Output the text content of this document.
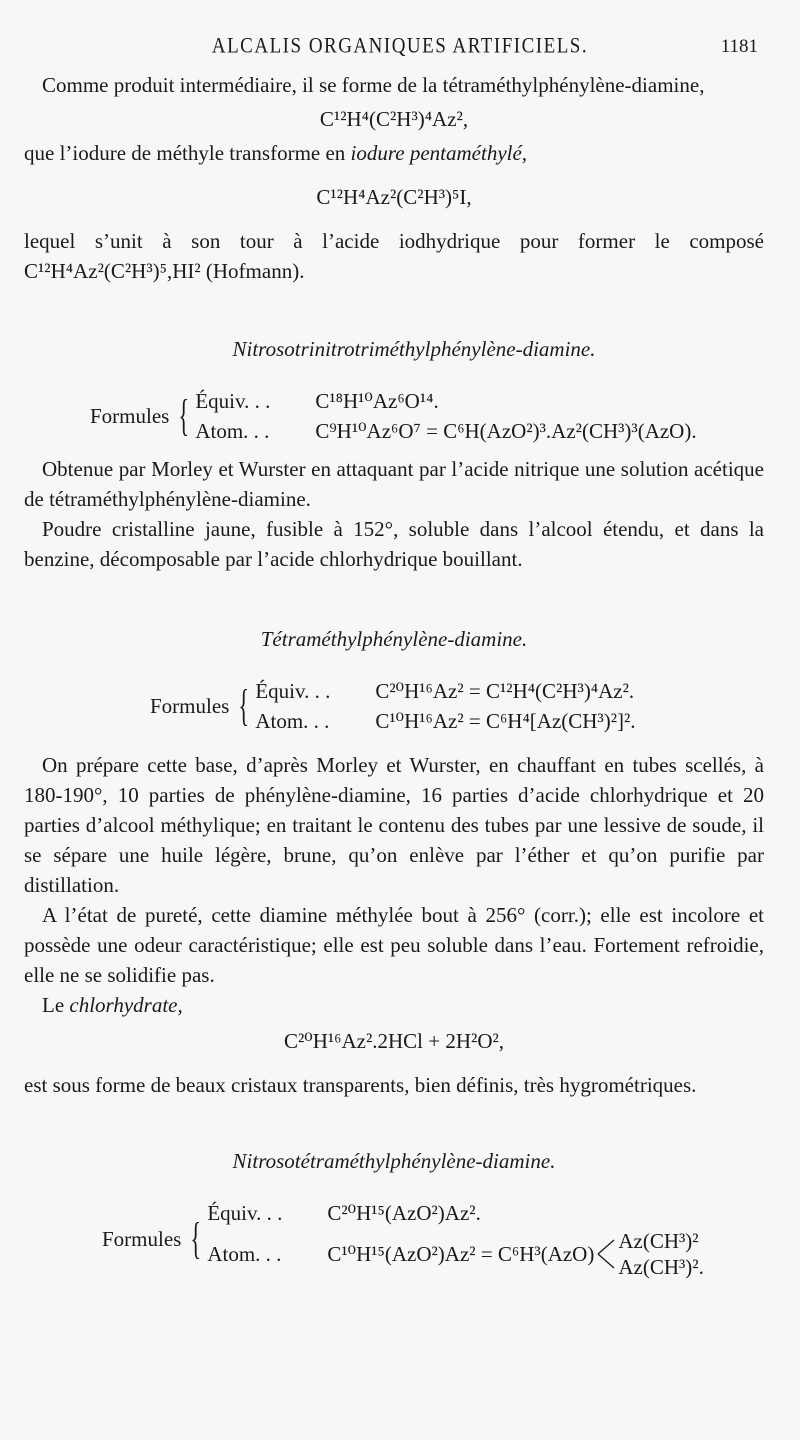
ALCALIS ORGANIQUES ARTIFICIELS.	1181

Comme produit intermédiaire, il se forme de la tétraméthylphénylène-diamine,

C¹²H⁴(C²H³)⁴Az²,

que l’iodure de méthyle transforme en iodure pentaméthylé,

C¹²H⁴Az²(C²H³)⁵I,

lequel s’unit à son tour à l’acide iodhydrique pour former le composé C¹²H⁴Az²(C²H³)⁵,HI² (Hofmann).

Nitrosotrinitrotriméthylphénylène-diamine.
Formules { Équiv. . . C¹⁸H¹⁰Az⁶O¹⁴.
Atom. . . C⁹H¹⁰Az⁶O⁷ = C⁶H(AzO²)³.Az²(CH³)³(AzO).

Obtenue par Morley et Wurster en attaquant par l’acide nitrique une solution acétique de tétraméthylphénylène-diamine.

Poudre cristalline jaune, fusible à 152°, soluble dans l’alcool étendu, et dans la benzine, décomposable par l’acide chlorhydrique bouillant.

Tétraméthylphénylène-diamine.
Formules { Équiv. . . C²⁰H¹⁶Az² = C¹²H⁴(C²H³)⁴Az².
Atom. . . C¹⁰H¹⁶Az² = C⁶H⁴[Az(CH³)²]².

On prépare cette base, d’après Morley et Wurster, en chauffant en tubes scellés, à 180-190°, 10 parties de phénylène-diamine, 16 parties d’acide chlorhydrique et 20 parties d’alcool méthylique; en traitant le contenu des tubes par une lessive de soude, il se sépare une huile légère, brune, qu’on enlève par l’éther et qu’on purifie par distillation.

A l’état de pureté, cette diamine méthylée bout à 256° (corr.); elle est incolore et possède une odeur caractéristique; elle est peu soluble dans l’eau. Fortement refroidie, elle ne se solidifie pas.

Le chlorhydrate,

C²⁰H¹⁶Az².2HCl + 2H²O²,

est sous forme de beaux cristaux transparents, bien définis, très hygrométriques.

Nitrosotétraméthylphénylène-diamine.
Formules {
Équiv. . . C²⁰H¹⁵(AzO²)Az².
Atom. . .	C¹⁰H¹⁵(AzO²)Az² = C⁶H³(AzO)
Az(CH³)²
Az(CH³)².
